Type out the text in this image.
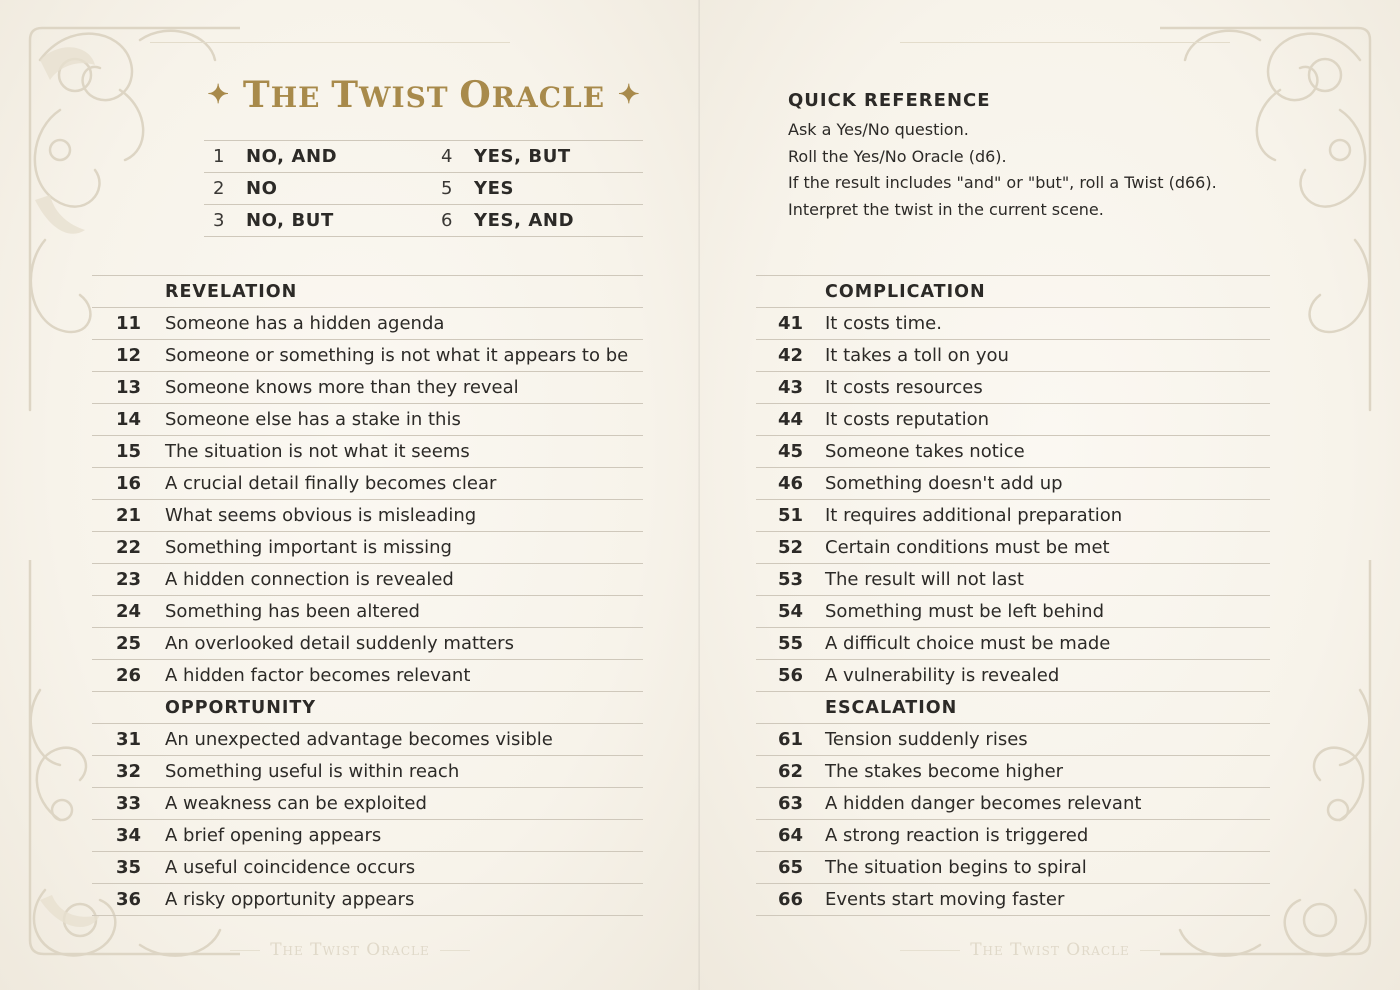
✦ THE TWIST ORACLE ✦
1	NO, AND	4	YES, BUT
2	NO	5	YES
3	NO, BUT	6	YES, AND
	REVELATION
11	Someone has a hidden agenda
12	Someone or something is not what it appears to be
13	Someone knows more than they reveal
14	Someone else has a stake in this
15	The situation is not what it seems
16	A crucial detail finally becomes clear
21	What seems obvious is misleading
22	Something important is missing
23	A hidden connection is revealed
24	Something has been altered
25	An overlooked detail suddenly matters
26	A hidden factor becomes relevant
	OPPORTUNITY
31	An unexpected advantage becomes visible
32	Something useful is within reach
33	A weakness can be exploited
34	A brief opening appears
35	A useful coincidence occurs
36	A risky opportunity appears
The Twist Oracle
QUICK REFERENCE
Ask a Yes/No question.
Roll the Yes/No Oracle (d6).
If the result includes "and" or "but", roll a Twist (d66).
Interpret the twist in the current scene.
	COMPLICATION
41	It costs time.
42	It takes a toll on you
43	It costs resources
44	It costs reputation
45	Someone takes notice
46	Something doesn't add up
51	It requires additional preparation
52	Certain conditions must be met
53	The result will not last
54	Something must be left behind
55	A difficult choice must be made
56	A vulnerability is revealed
	ESCALATION
61	Tension suddenly rises
62	The stakes become higher
63	A hidden danger becomes relevant
64	A strong reaction is triggered
65	The situation begins to spiral
66	Events start moving faster
The Twist Oracle
